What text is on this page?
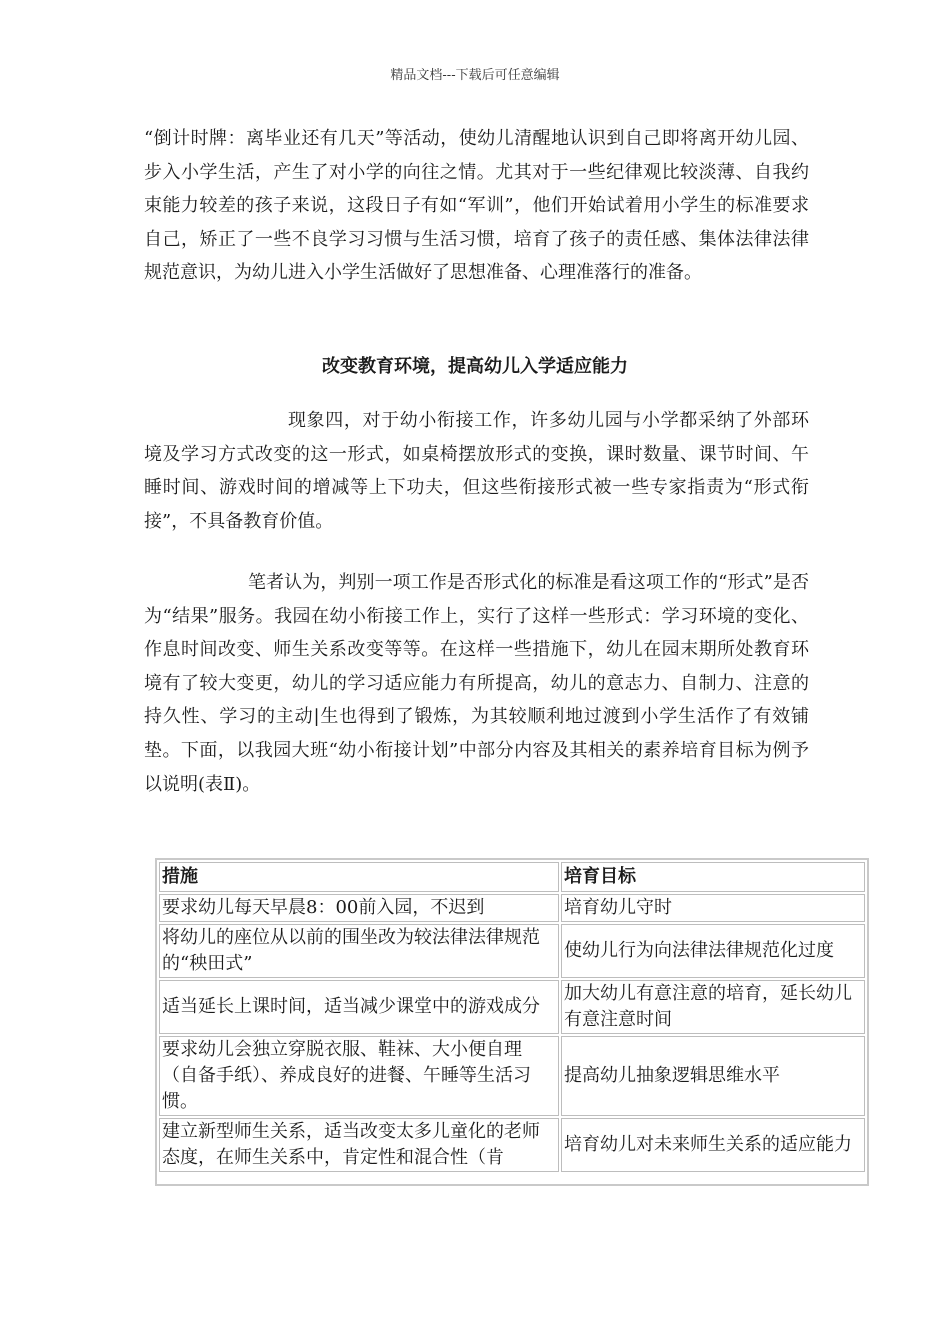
精品文档---下载后可任意编辑

“倒计时牌：离毕业还有几天”等活动，使幼儿清醒地认识到自己即将离开幼儿园、步入小学生活，产生了对小学的向往之情。尤其对于一些纪律观比较淡薄、自我约束能力较差的孩子来说，这段日子有如“军训”，他们开始试着用小学生的标准要求自己，矫正了一些不良学习习惯与生活习惯，培育了孩子的责任感、集体法律法律规范意识，为幼儿进入小学生活做好了思想准备、心理准落行的准备。

改变教育环境，提高幼儿入学适应能力

现象四，对于幼小衔接工作，许多幼儿园与小学都采纳了外部环境及学习方式改变的这一形式，如桌椅摆放形式的变换，课时数量、课节时间、午睡时间、游戏时间的增减等上下功夫，但这些衔接形式被一些专家指责为“形式衔接”，不具备教育价值。

笔者认为，判别一项工作是否形式化的标准是看这项工作的“形式”是否为“结果”服务。我园在幼小衔接工作上，实行了这样一些形式：学习环境的变化、作息时间改变、师生关系改变等等。在这样一些措施下，幼儿在园末期所处教育环境有了较大变更，幼儿的学习适应能力有所提高，幼儿的意志力、自制力、注意的持久性、学习的主动|生也得到了锻炼，为其较顺利地过渡到小学生活作了有效铺垫。下面，以我园大班“幼小衔接计划”中部分内容及其相关的素养培育目标为例予以说明(表Ⅱ)。

措施	培育目标
要求幼儿每天早晨8：00前入园，不迟到	培育幼儿守时
将幼儿的座位从以前的围坐改为较法律法律规范的“秧田式”	使幼儿行为向法律法律规范化过度
适当延长上课时间，适当减少课堂中的游戏成分	加大幼儿有意注意的培育，延长幼儿有意注意时间
要求幼儿会独立穿脱衣服、鞋袜、大小便自理（自备手纸）、养成良好的进餐、午睡等生活习惯。	提高幼儿抽象逻辑思维水平
建立新型师生关系，适当改变太多儿童化的老师态度，在师生关系中，肯定性和混合性（肯	培育幼儿对未来师生关系的适应能力
